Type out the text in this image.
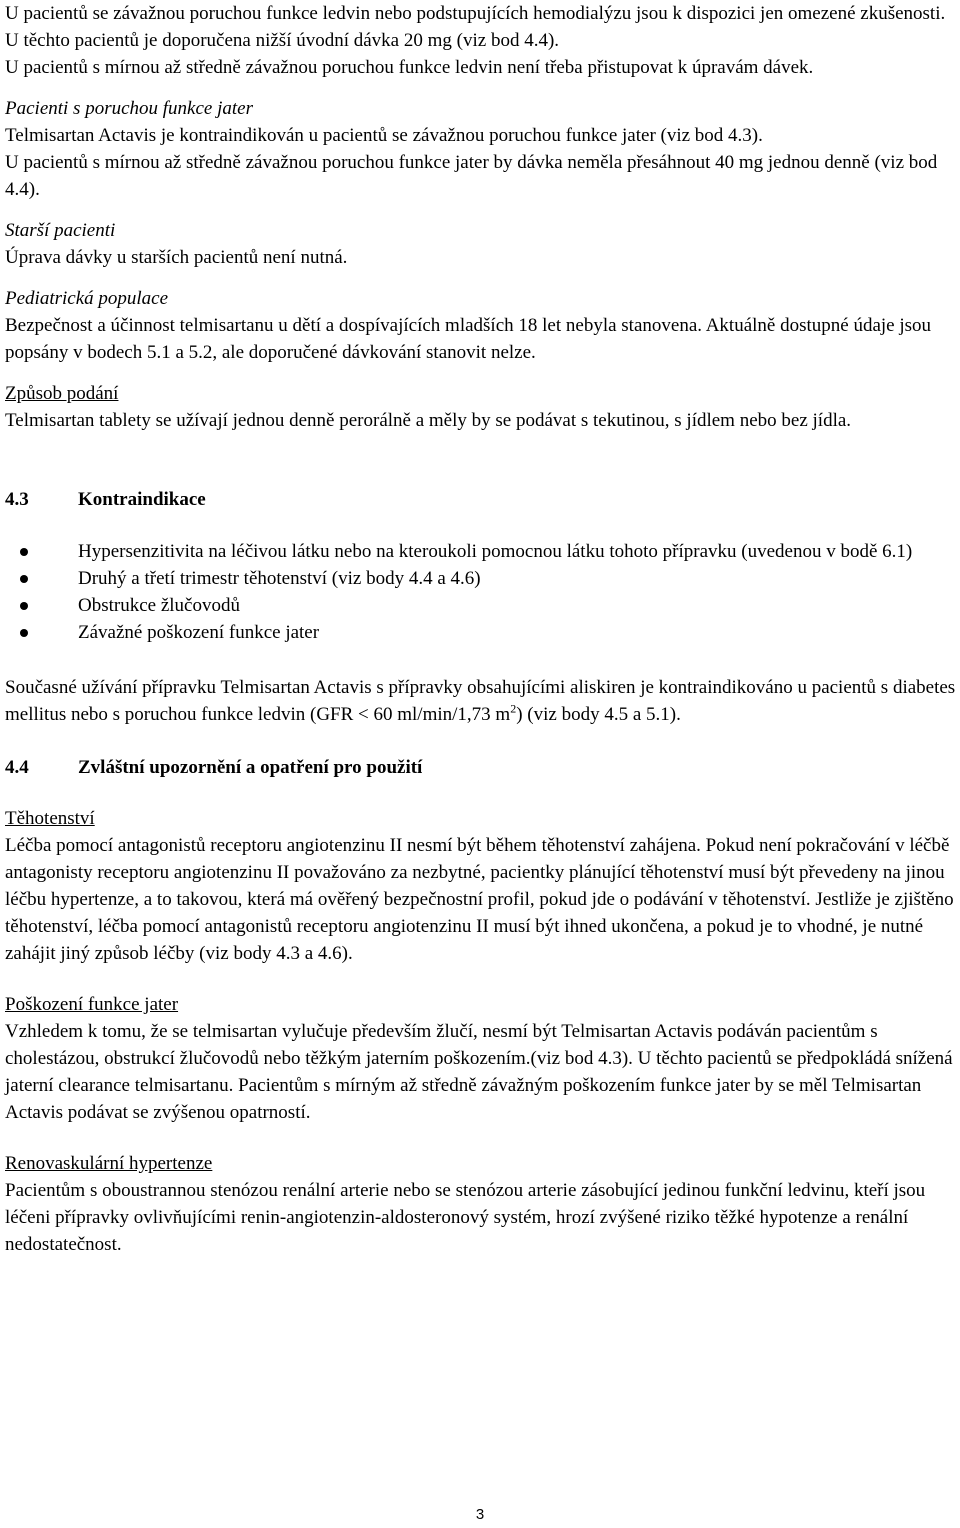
U pacientů se závažnou poruchou funkce ledvin nebo podstupujících hemodialýzu jsou k dispozici jen omezené zkušenosti. U těchto pacientů je doporučena nižší úvodní dávka 20 mg (viz bod 4.4).

U pacientů s mírnou až středně závažnou poruchou funkce ledvin není třeba přistupovat k úpravám dávek.

Pacienti s poruchou funkce jater

Telmisartan Actavis je kontraindikován u pacientů se závažnou poruchou funkce jater (viz bod 4.3).

U pacientů s mírnou až středně závažnou poruchou funkce jater by dávka neměla přesáhnout 40 mg jednou denně (viz bod 4.4).

Starší pacienti

Úprava dávky u starších pacientů není nutná.

Pediatrická populace

Bezpečnost a účinnost telmisartanu u dětí a dospívajících mladších 18 let nebyla stanovena. Aktuálně dostupné údaje jsou popsány v bodech 5.1 a 5.2, ale doporučené dávkování stanovit nelze.

Způsob podání

Telmisartan tablety se užívají jednou denně perorálně a měly by se podávat s tekutinou, s jídlem nebo bez jídla.

4.3	Kontraindikace
Hypersenzitivita na léčivou látku nebo na kteroukoli pomocnou látku tohoto přípravku (uvedenou v bodě 6.1)
Druhý a třetí trimestr těhotenství (viz body 4.4 a 4.6)
Obstrukce žlučovodů
Závažné poškození funkce jater

Současné užívání přípravku Telmisartan Actavis s přípravky obsahujícími aliskiren je kontraindikováno u pacientů s diabetes mellitus nebo s poruchou funkce ledvin (GFR < 60 ml/min/1,73 $m^2$) (viz body 4.5 a 5.1).

4.4	Zvláštní upozornění a opatření pro použití

Těhotenství

Léčba pomocí antagonistů receptoru angiotenzinu II nesmí být během těhotenství zahájena. Pokud není pokračování v léčbě antagonisty receptoru angiotenzinu II považováno za nezbytné, pacientky plánující těhotenství musí být převedeny na jinou léčbu hypertenze, a to takovou, která má ověřený bezpečnostní profil, pokud jde o podávání v těhotenství. Jestliže je zjištěno těhotenství, léčba pomocí antagonistů receptoru angiotenzinu II musí být ihned ukončena, a pokud je to vhodné, je nutné zahájit jiný způsob léčby (viz body 4.3 a 4.6).

Poškození funkce jater

Vzhledem k tomu, že se telmisartan vylučuje především žlučí, nesmí být Telmisartan Actavis podáván pacientům s cholestázou, obstrukcí žlučovodů nebo těžkým jaterním poškozením.(viz bod 4.3). U těchto pacientů se předpokládá snížená jaterní clearance telmisartanu. Pacientům s mírným až středně závažným poškozením funkce jater by se měl Telmisartan Actavis podávat se zvýšenou opatrností.

Renovaskulární hypertenze

Pacientům s oboustrannou stenózou renální arterie nebo se stenózou arterie zásobující jedinou funkční ledvinu, kteří jsou léčeni přípravky ovlivňujícími renin-angiotenzin-aldosteronový systém, hrozí zvýšené riziko těžké hypotenze a renální nedostatečnost.

3
